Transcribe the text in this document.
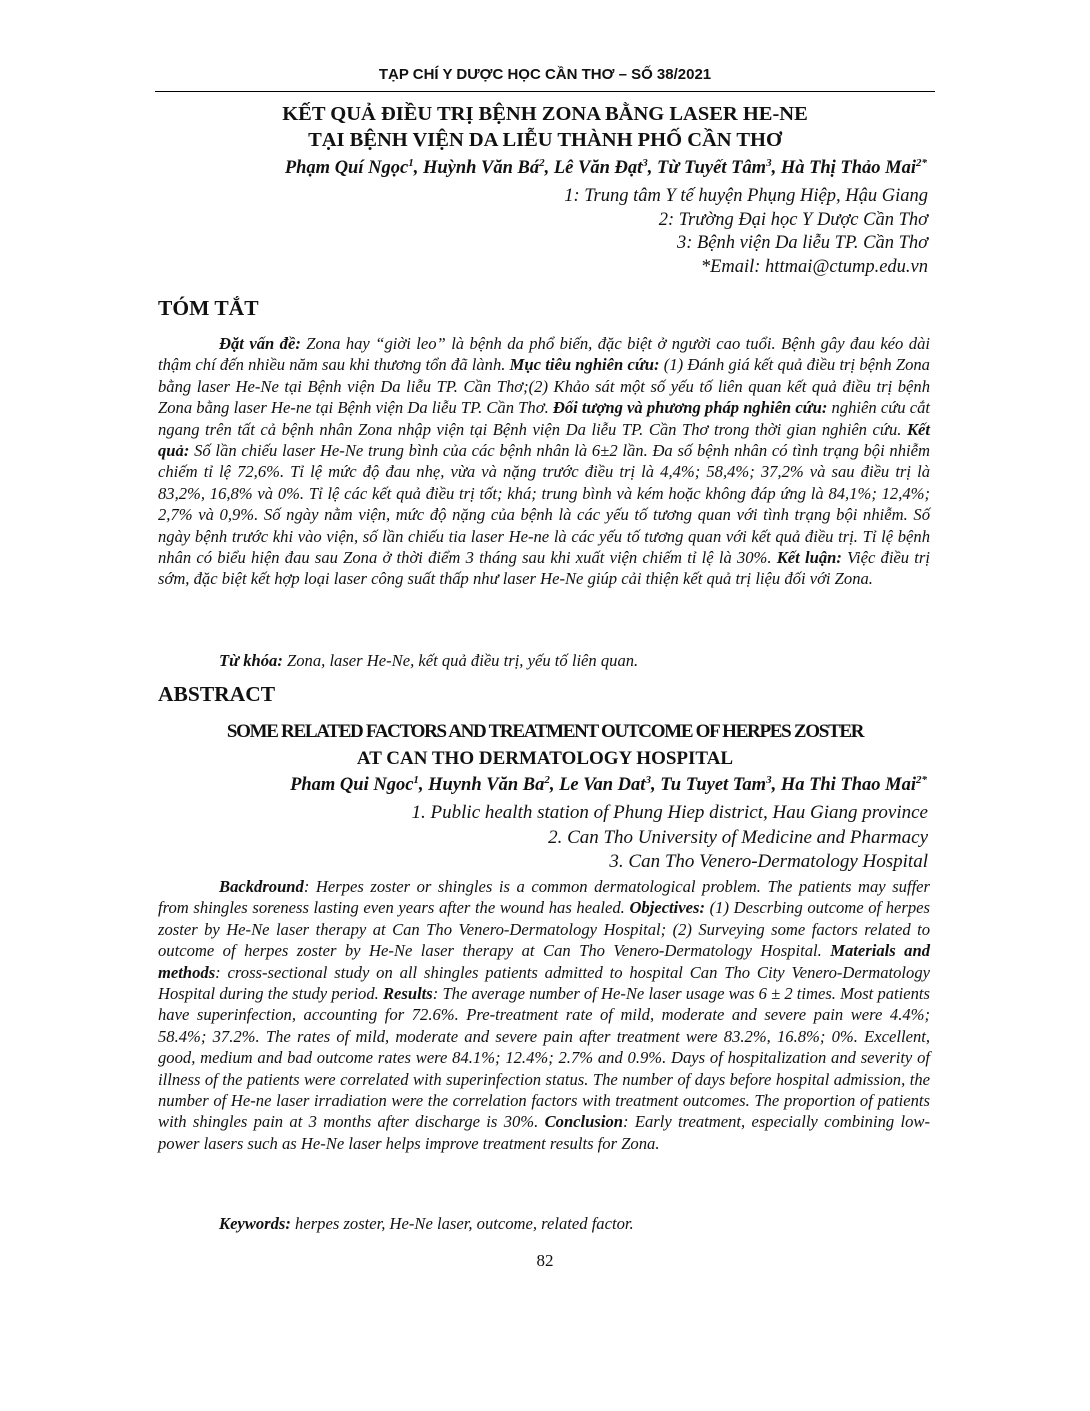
TẠP CHÍ Y DƯỢC HỌC CẦN THƠ – SỐ 38/2021
KẾT QUẢ ĐIỀU TRỊ BỆNH ZONA BẰNG LASER HE-NE
TẠI BỆNH VIỆN DA LIỄU THÀNH PHỐ CẦN THƠ
Phạm Quí Ngọc$^1$, Huỳnh Văn $Bá^2$, Lê Văn Đạt$^3$, Từ Tuyết Tâm$^3$, Hà Thị Thảo Mai$^{2*}$
1: Trung tâm Y tế huyện Phụng Hiệp, Hậu Giang
2: Trường Đại học Y Dược Cần Thơ
3: Bệnh viện Da liễu TP. Cần Thơ
*Email: httmai@ctump.edu.vn
TÓM TẮT
Đặt vấn đề: Zona hay “giời leo” là bệnh da phổ biến, đặc biệt ở người cao tuổi. Bệnh gây đau kéo dài thậm chí đến nhiều năm sau khi thương tổn đã lành. Mục tiêu nghiên cứu: (1) Đánh giá kết quả điều trị bệnh Zona bằng laser He-Ne tại Bệnh viện Da liễu TP. Cần Thơ;(2) Khảo sát một số yếu tố liên quan kết quả điều trị bệnh Zona bằng laser He-ne tại Bệnh viện Da liễu TP. Cần Thơ. Đối tượng và phương pháp nghiên cứu: nghiên cứu cắt ngang trên tất cả bệnh nhân Zona nhập viện tại Bệnh viện Da liễu TP. Cần Thơ trong thời gian nghiên cứu. Kết quả: Số lần chiếu laser He-Ne trung bình của các bệnh nhân là 6±2 lần. Đa số bệnh nhân có tình trạng bội nhiễm chiếm tỉ lệ 72,6%. Tỉ lệ mức độ đau nhẹ, vừa và nặng trước điều trị là 4,4%; 58,4%; 37,2% và sau điều trị là 83,2%, 16,8% và 0%. Tỉ lệ các kết quả điều trị tốt; khá; trung bình và kém hoặc không đáp ứng là 84,1%; 12,4%; 2,7% và 0,9%. Số ngày nằm viện, mức độ nặng của bệnh là các yếu tố tương quan với tình trạng bội nhiễm. Số ngày bệnh trước khi vào viện, số lần chiếu tia laser He-ne là các yếu tố tương quan với kết quả điều trị. Tỉ lệ bệnh nhân có biểu hiện đau sau Zona ở thời điểm 3 tháng sau khi xuất viện chiếm tỉ lệ là 30%. Kết luận: Việc điều trị sớm, đặc biệt kết hợp loại laser công suất thấp như laser He-Ne giúp cải thiện kết quả trị liệu đối với Zona.
Từ khóa: Zona, laser He-Ne, kết quả điều trị, yếu tố liên quan.
ABSTRACT
SOME RELATED FACTORS AND TREATMENT OUTCOME OF HERPES ZOSTER
AT CAN THO DERMATOLOGY HOSPITAL
Pham Qui Ngoc$^1$, Huynh Văn Ba$^2$, Le Van Dat$^3$, Tu Tuyet Tam$^3$, Ha Thi Thao Mai$^{2*}$
1. Public health station of Phung Hiep district, Hau Giang province
2. Can Tho University of Medicine and Pharmacy
3. Can Tho Venero-Dermatology Hospital
Backdround: Herpes zoster or shingles is a common dermatological problem. The patients may suffer from shingles soreness lasting even years after the wound has healed. Objectives: (1) Descrbing outcome of herpes zoster by He-Ne laser therapy at Can Tho Venero-Dermatology Hospital; (2) Surveying some factors related to outcome of herpes zoster by He-Ne laser therapy at Can Tho Venero-Dermatology Hospital. Materials and methods: cross-sectional study on all shingles patients admitted to hospital Can Tho City Venero-Dermatology Hospital during the study period. Results: The average number of He-Ne laser usage was 6 ± 2 times. Most patients have superinfection, accounting for 72.6%. Pre-treatment rate of mild, moderate and severe pain were 4.4%; 58.4%; 37.2%. The rates of mild, moderate and severe pain after treatment were 83.2%, 16.8%; 0%. Excellent, good, medium and bad outcome rates were 84.1%; 12.4%; 2.7% and 0.9%. Days of hospitalization and severity of illness of the patients were correlated with superinfection status. The number of days before hospital admission, the number of He-ne laser irradiation were the correlation factors with treatment outcomes. The proportion of patients with shingles pain at 3 months after discharge is 30%. Conclusion: Early treatment, especially combining low-power lasers such as He-Ne laser helps improve treatment results for Zona.
Keywords: herpes zoster, He-Ne laser, outcome, related factor.
82
